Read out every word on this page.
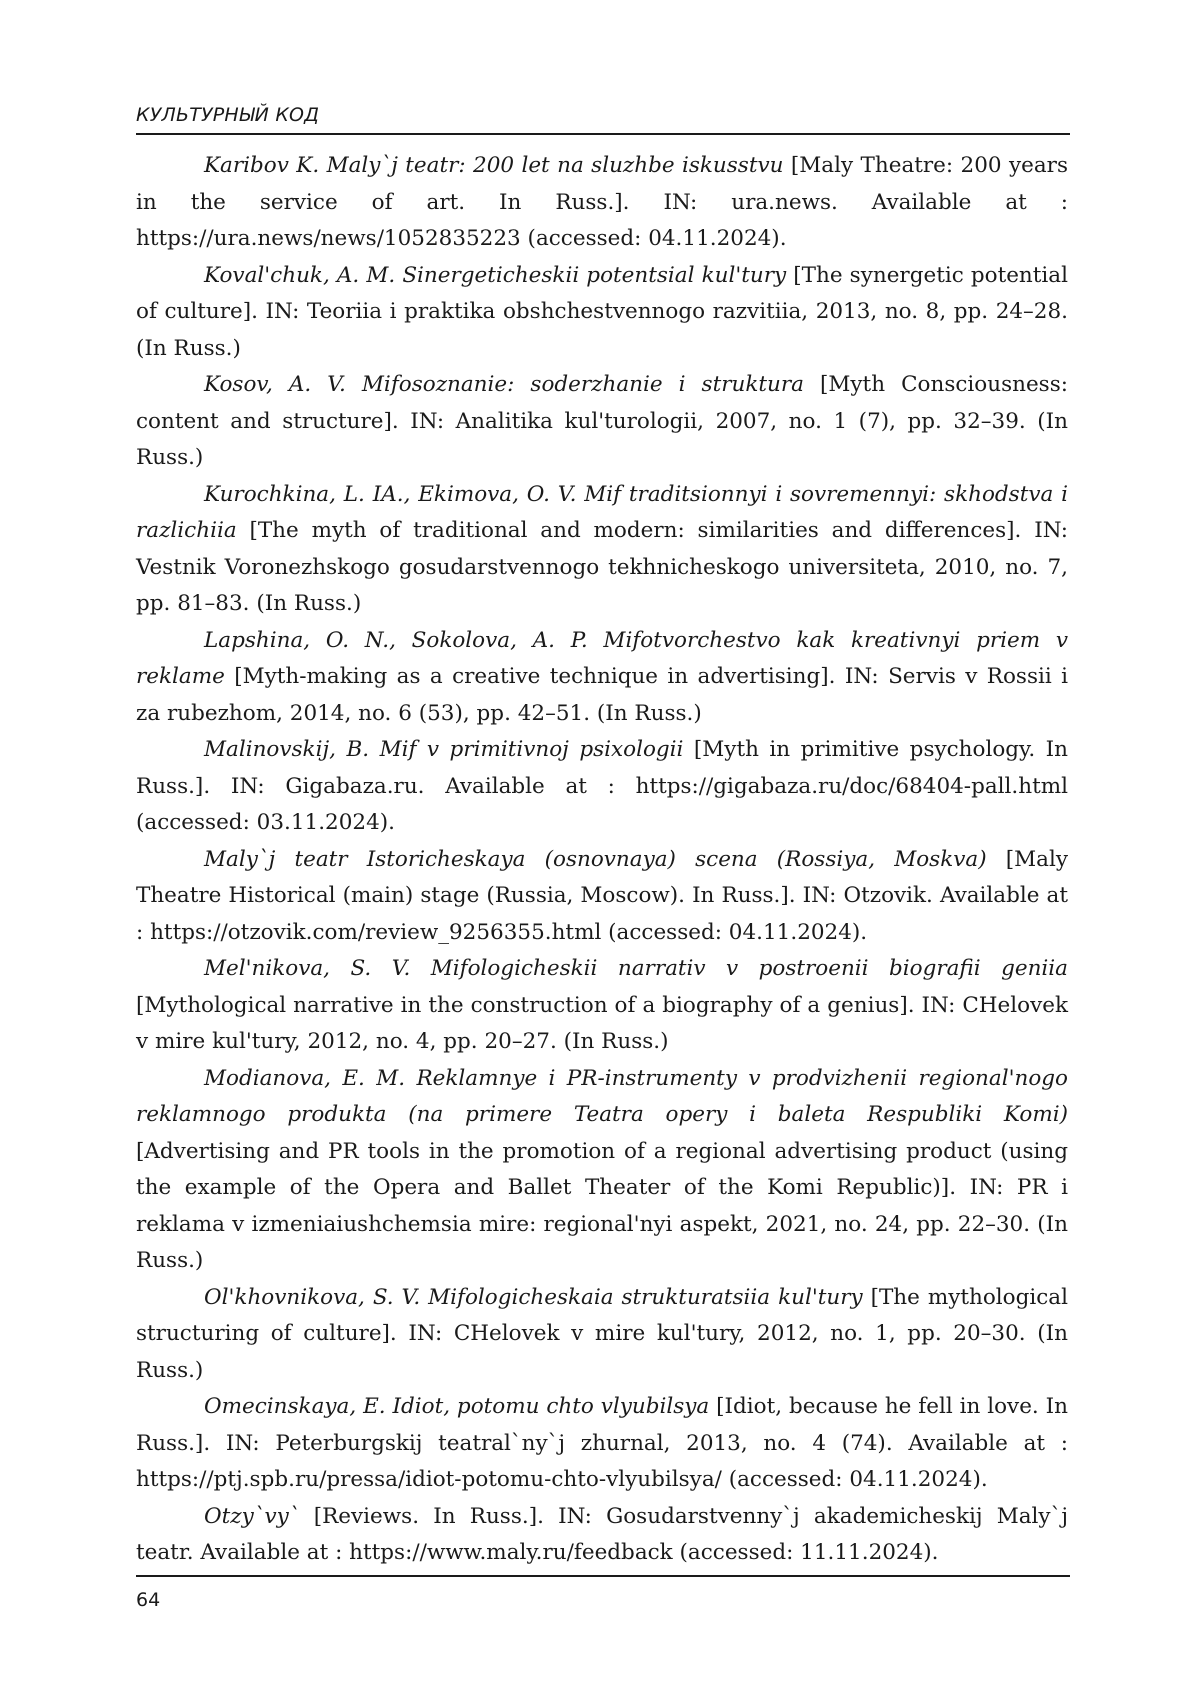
КУЛЬТУРНЫЙ КОД

Karibov K. Maly`j teatr: 200 let na sluzhbe iskusstvu [Maly Theatre: 200 years in the service of art. In Russ.]. IN: ura.news. Available at : https://ura.news/news/1052835223 (accessed: 04.11.2024).

Koval'chuk, A. M. Sinergeticheskii potentsial kul'tury [The synergetic potential of culture]. IN: Teoriia i praktika obshchestvennogo razvitiia, 2013, no. 8, pp. 24–28. (In Russ.)

Kosov, A. V. Mifosoznanie: soderzhanie i struktura [Myth Consciousness: content and structure]. IN: Analitika kul'turologii, 2007, no. 1 (7), pp. 32–39. (In Russ.)

Kurochkina, L. IA., Ekimova, O. V. Mif traditsionnyi i sovremennyi: skhodstva i razlichiia [The myth of traditional and modern: similarities and differences]. IN: Vestnik Voronezhskogo gosudarstvennogo tekhnicheskogo universiteta, 2010, no. 7, pp. 81–83. (In Russ.)

Lapshina, O. N., Sokolova, A. P. Mifotvorchestvo kak kreativnyi priem v reklame [Myth-making as a creative technique in advertising]. IN: Servis v Rossii i za rubezhom, 2014, no. 6 (53), pp. 42–51. (In Russ.)

Malinovskij, B. Mif v primitivnoj psixologii [Myth in primitive psychology. In Russ.]. IN: Gigabaza.ru. Available at : https://gigabaza.ru/doc/68404-pall.html (accessed: 03.11.2024).

Maly`j teatr Istoricheskaya (osnovnaya) scena (Rossiya, Moskva) [Maly Theatre Historical (main) stage (Russia, Moscow). In Russ.]. IN: Otzovik. Available at : https://otzovik.com/review_9256355.html (accessed: 04.11.2024).

Mel'nikova, S. V. Mifologicheskii narrativ v postroenii biografii geniia [Mythological narrative in the construction of a biography of a genius]. IN: CHelovek v mire kul'tury, 2012, no. 4, pp. 20–27. (In Russ.)

Modianova, E. M. Reklamnye i PR-instrumenty v prodvizhenii regional'nogo reklamnogo produkta (na primere Teatra opery i baleta Respubliki Komi) [Advertising and PR tools in the promotion of a regional advertising product (using the example of the Opera and Ballet Theater of the Komi Republic)]. IN: PR i reklama v izmeniaiushchemsia mire: regional'nyi aspekt, 2021, no. 24, pp. 22–30. (In Russ.)

Ol'khovnikova, S. V. Mifologicheskaia strukturatsiia kul'tury [The mythological structuring of culture]. IN: CHelovek v mire kul'tury, 2012, no. 1, pp. 20–30. (In Russ.)

Omecinskaya, E. Idiot, potomu chto vlyubilsya [Idiot, because he fell in love. In Russ.]. IN: Peterburgskij teatral`ny`j zhurnal, 2013, no. 4 (74). Available at : https://ptj.spb.ru/pressa/idiot-potomu-chto-vlyubilsya/ (accessed: 04.11.2024).

Otzy`vy` [Reviews. In Russ.]. IN: Gosudarstvenny`j akademicheskij Maly`j teatr. Available at : https://www.maly.ru/feedback (accessed: 11.11.2024).

64
